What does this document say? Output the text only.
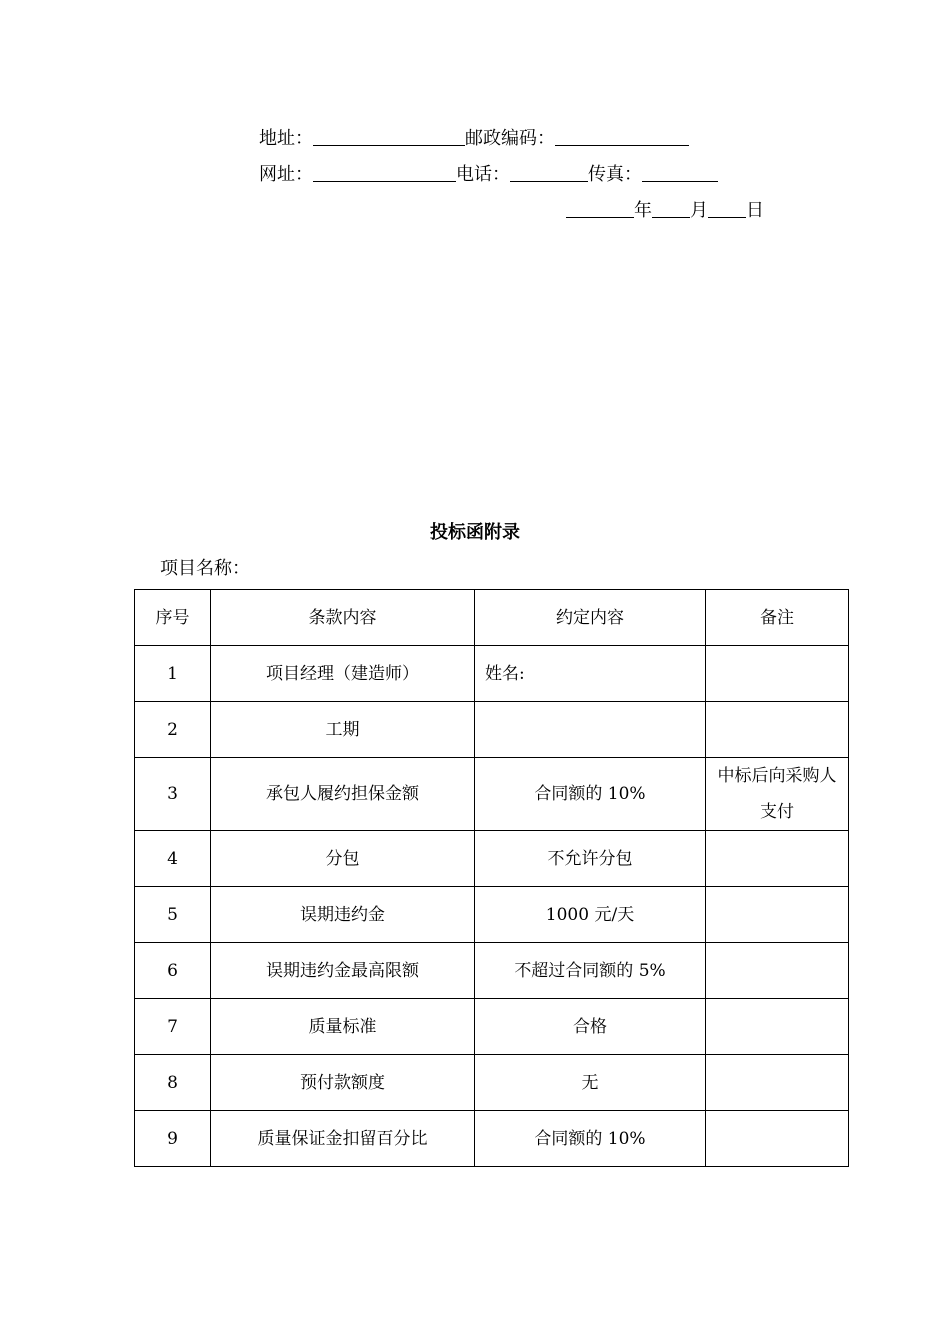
地址：	邮政编码：
网址：	电话：	传真：
年 月 日
投标函附录
项目名称：
序号	条款内容	约定内容	备注
1	项目经理（建造师）	姓名:	
2	工期		
3	承包人履约担保金额	合同额的 10%	中标后向采购人支付
4	分包	不允许分包	
5	误期违约金	1000 元/天	
6	误期违约金最高限额	不超过合同额的 5%	
7	质量标准	合格	
8	预付款额度	无	
9	质量保证金扣留百分比	合同额的 10%	
